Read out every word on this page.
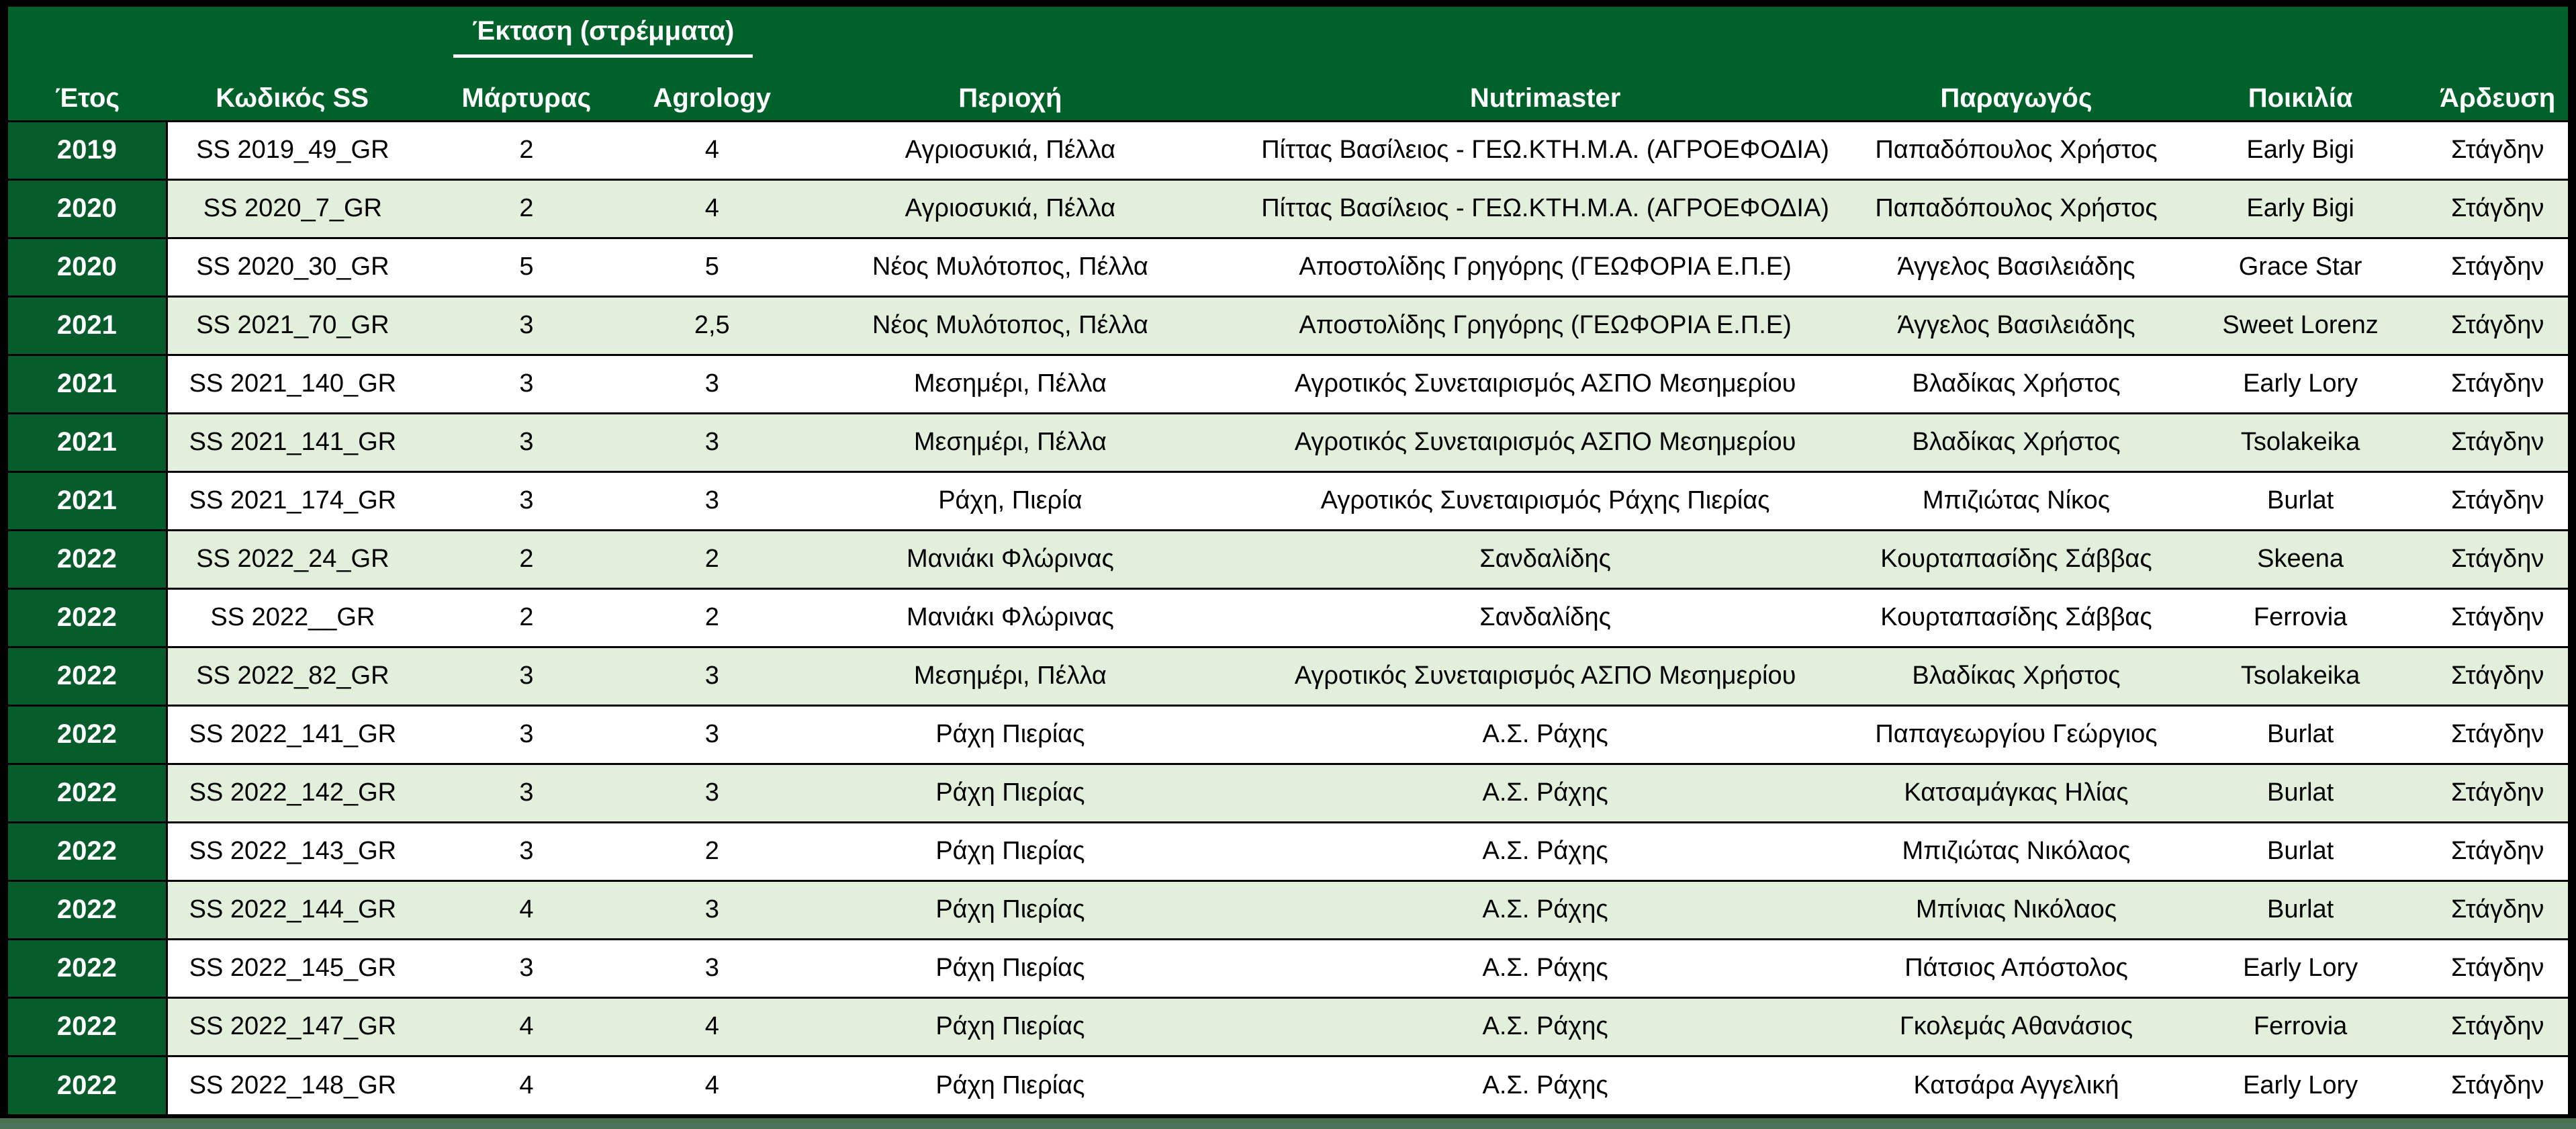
		Έκταση (στρέμματα)						
Έτος	Κωδικός SS	Μάρτυρας	Agrology	Περιοχή	Nutrimaster	Παραγωγός	Ποικιλία	Άρδευση
2019	SS 2019_49_GR	2	4	Αγριοσυκιά, Πέλλα	Πίττας Βασίλειος - ΓΕΩ.ΚΤΗ.Μ.Α. (ΑΓΡΟΕΦΟΔΙΑ)	Παπαδόπουλος Χρήστος	Early Bigi	Στάγδην
2020	SS 2020_7_GR	2	4	Αγριοσυκιά, Πέλλα	Πίττας Βασίλειος - ΓΕΩ.ΚΤΗ.Μ.Α. (ΑΓΡΟΕΦΟΔΙΑ)	Παπαδόπουλος Χρήστος	Early Bigi	Στάγδην
2020	SS 2020_30_GR	5	5	Νέος Μυλότοπος, Πέλλα	Αποστολίδης Γρηγόρης (ΓΕΩΦΟΡΙΑ Ε.Π.Ε)	Άγγελος Βασιλειάδης	Grace Star	Στάγδην
2021	SS 2021_70_GR	3	2,5	Νέος Μυλότοπος, Πέλλα	Αποστολίδης Γρηγόρης (ΓΕΩΦΟΡΙΑ Ε.Π.Ε)	Άγγελος Βασιλειάδης	Sweet Lorenz	Στάγδην
2021	SS 2021_140_GR	3	3	Μεσημέρι, Πέλλα	Αγροτικός Συνεταιρισμός ΑΣΠΟ Μεσημερίου	Βλαδίκας Χρήστος	Early Lory	Στάγδην
2021	SS 2021_141_GR	3	3	Μεσημέρι, Πέλλα	Αγροτικός Συνεταιρισμός ΑΣΠΟ Μεσημερίου	Βλαδίκας Χρήστος	Tsolakeika	Στάγδην
2021	SS 2021_174_GR	3	3	Ράχη, Πιερία	Αγροτικός Συνεταιρισμός Ράχης Πιερίας	Μπιζιώτας Νίκος	Burlat	Στάγδην
2022	SS 2022_24_GR	2	2	Μανιάκι Φλώρινας	Σανδαλίδης	Κουρταπασίδης Σάββας	Skeena	Στάγδην
2022	SS 2022__GR	2	2	Μανιάκι Φλώρινας	Σανδαλίδης	Κουρταπασίδης Σάββας	Ferrovia	Στάγδην
2022	SS 2022_82_GR	3	3	Μεσημέρι, Πέλλα	Αγροτικός Συνεταιρισμός ΑΣΠΟ Μεσημερίου	Βλαδίκας Χρήστος	Tsolakeika	Στάγδην
2022	SS 2022_141_GR	3	3	Ράχη Πιερίας	Α.Σ. Ράχης	Παπαγεωργίου Γεώργιος	Burlat	Στάγδην
2022	SS 2022_142_GR	3	3	Ράχη Πιερίας	Α.Σ. Ράχης	Κατσαμάγκας Ηλίας	Burlat	Στάγδην
2022	SS 2022_143_GR	3	2	Ράχη Πιερίας	Α.Σ. Ράχης	Μπιζιώτας Νικόλαος	Burlat	Στάγδην
2022	SS 2022_144_GR	4	3	Ράχη Πιερίας	Α.Σ. Ράχης	Μπίνιας Νικόλαος	Burlat	Στάγδην
2022	SS 2022_145_GR	3	3	Ράχη Πιερίας	Α.Σ. Ράχης	Πάτσιος Απόστολος	Early Lory	Στάγδην
2022	SS 2022_147_GR	4	4	Ράχη Πιερίας	Α.Σ. Ράχης	Γκολεμάς Αθανάσιος	Ferrovia	Στάγδην
2022	SS 2022_148_GR	4	4	Ράχη Πιερίας	Α.Σ. Ράχης	Κατσάρα Αγγελική	Early Lory	Στάγδην
